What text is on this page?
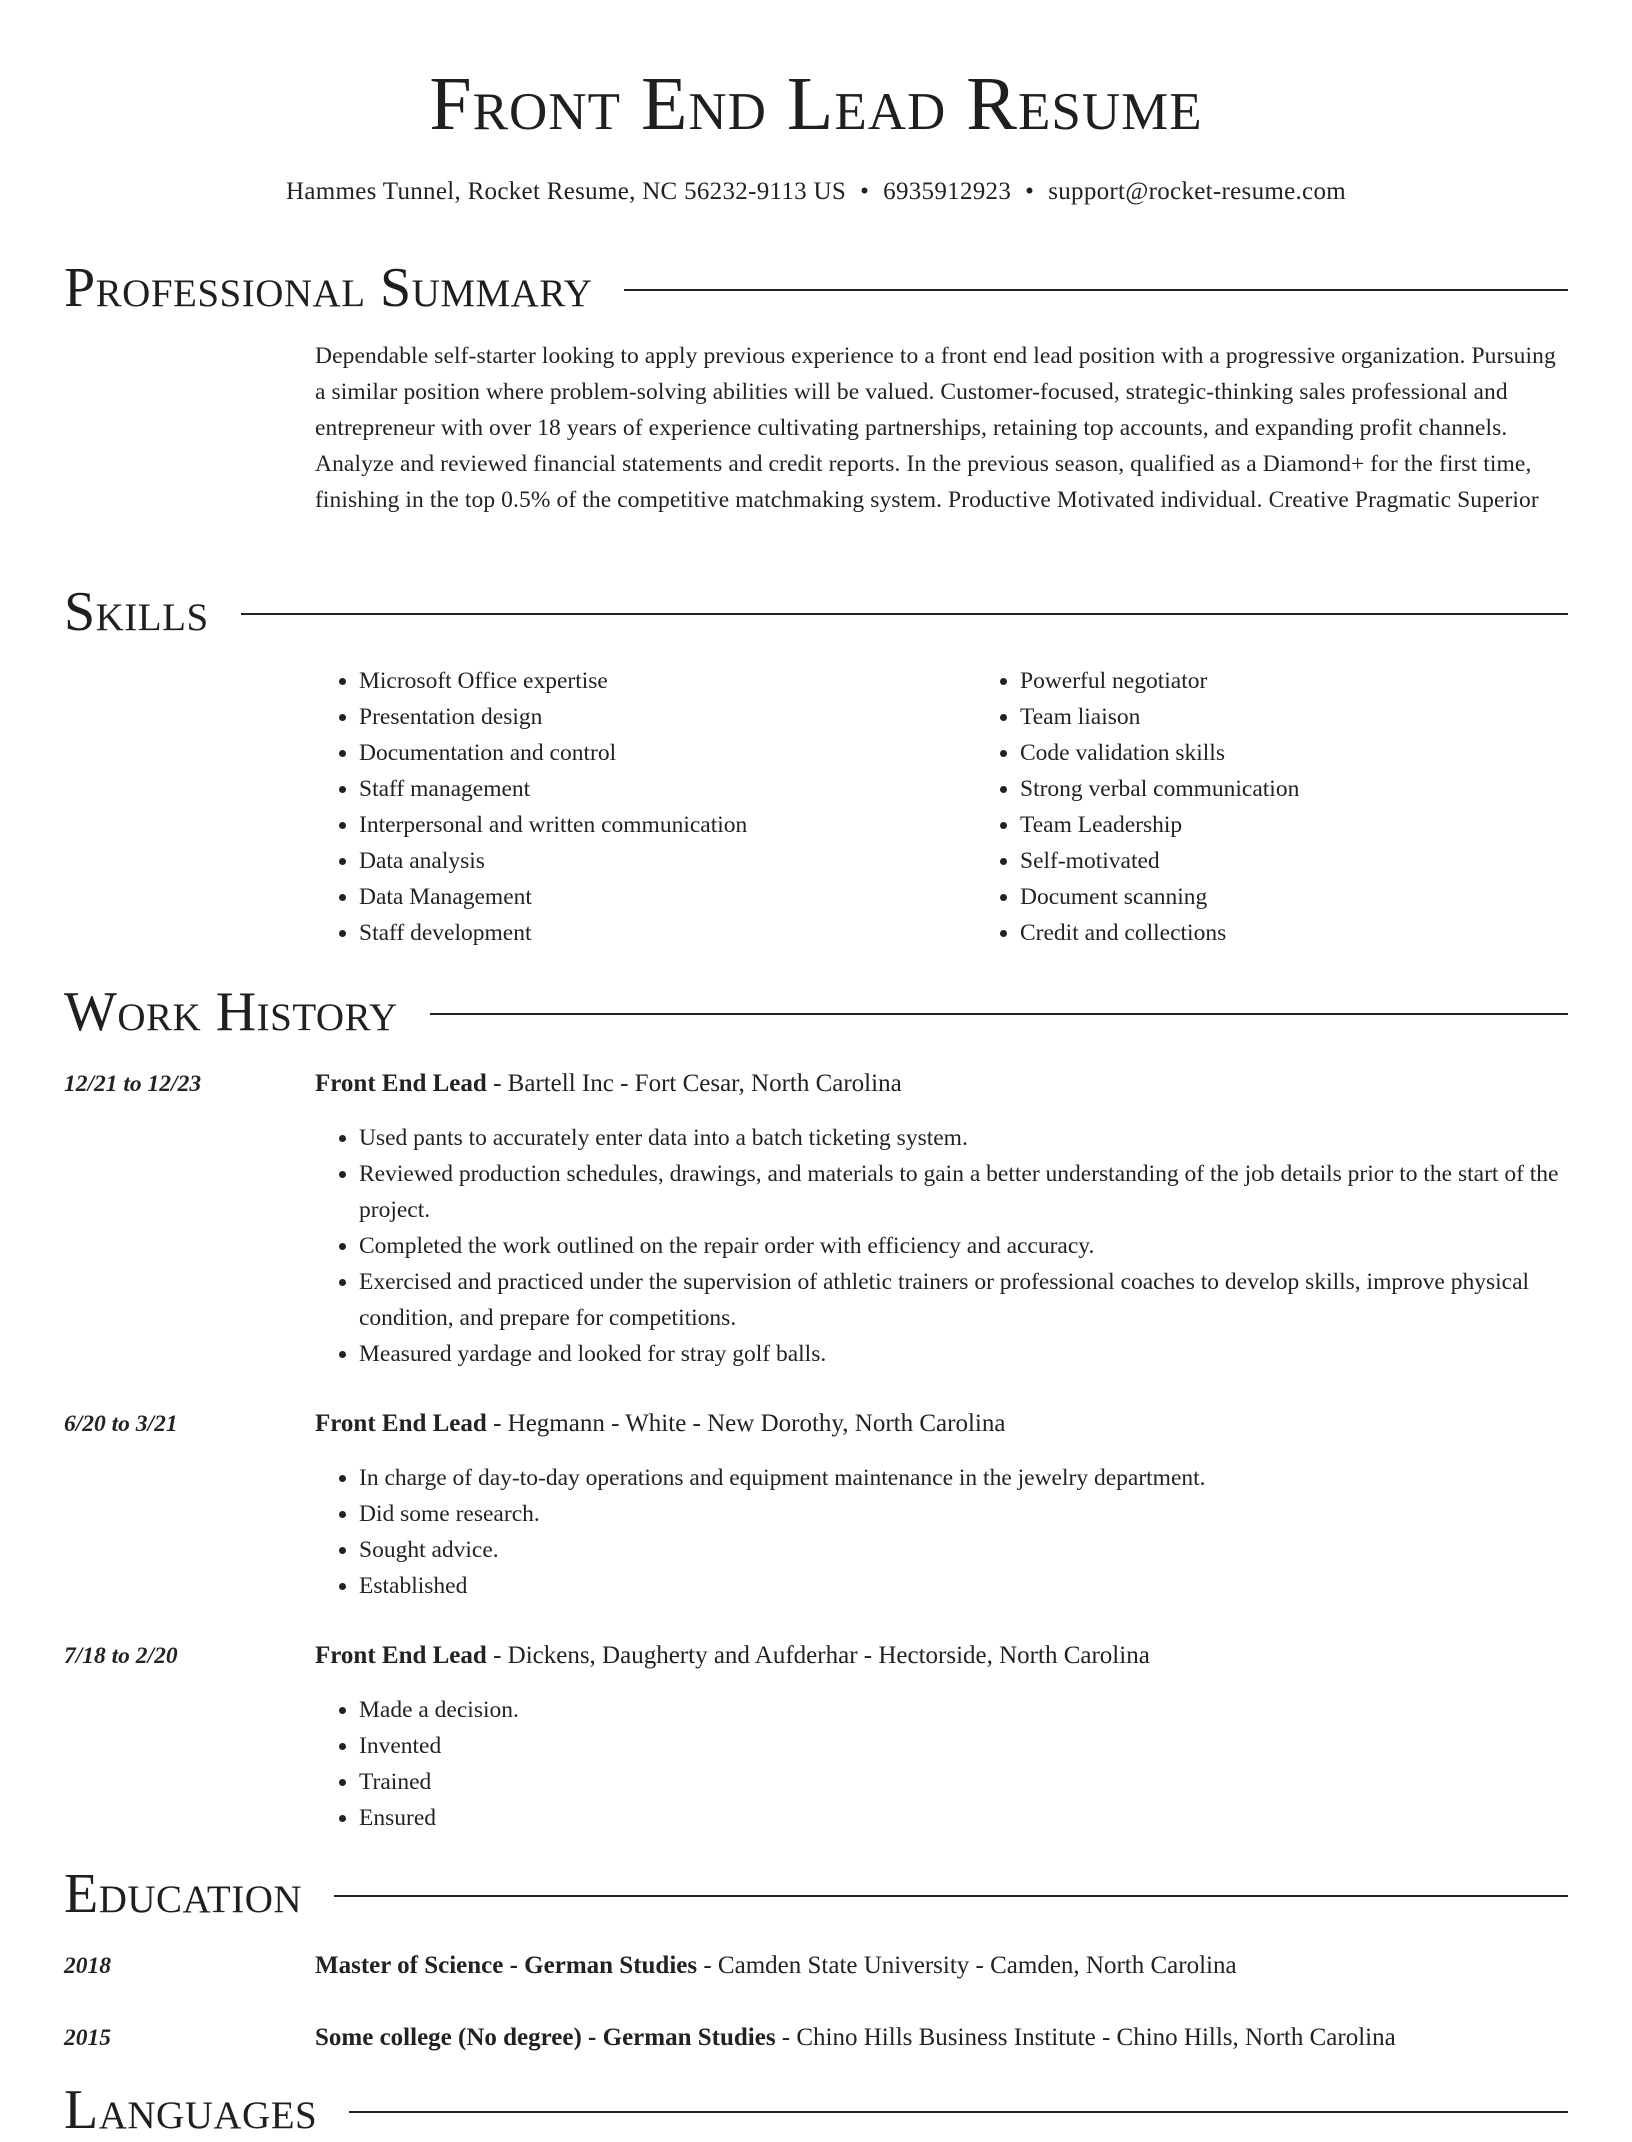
Front End Lead Resume
Hammes Tunnel, Rocket Resume, NC 56232-9113 US • 6935912923 • support@rocket-resume.com
Professional Summary
Dependable self-starter looking to apply previous experience to a front end lead position with a progressive organization. Pursuing a similar position where problem-solving abilities will be valued. Customer-focused, strategic-thinking sales professional and entrepreneur with over 18 years of experience cultivating partnerships, retaining top accounts, and expanding profit channels. Analyze and reviewed financial statements and credit reports. In the previous season, qualified as a Diamond+ for the first time, finishing in the top 0.5% of the competitive matchmaking system. Productive Motivated individual. Creative Pragmatic Superior
Skills
• Microsoft Office expertise
• Presentation design
• Documentation and control
• Staff management
• Interpersonal and written communication
• Data analysis
• Data Management
• Staff development
• Powerful negotiator
• Team liaison
• Code validation skills
• Strong verbal communication
• Team Leadership
• Self-motivated
• Document scanning
• Credit and collections
Work History
12/21 to 12/23	Front End Lead - Bartell Inc - Fort Cesar, North Carolina
• Used pants to accurately enter data into a batch ticketing system.
• Reviewed production schedules, drawings, and materials to gain a better understanding of the job details prior to the start of the project.
• Completed the work outlined on the repair order with efficiency and accuracy.
• Exercised and practiced under the supervision of athletic trainers or professional coaches to develop skills, improve physical condition, and prepare for competitions.
• Measured yardage and looked for stray golf balls.
6/20 to 3/21	Front End Lead - Hegmann - White - New Dorothy, North Carolina
• In charge of day-to-day operations and equipment maintenance in the jewelry department.
• Did some research.
• Sought advice.
• Established
7/18 to 2/20	Front End Lead - Dickens, Daugherty and Aufderhar - Hectorside, North Carolina
• Made a decision.
• Invented
• Trained
• Ensured
Education
2018	Master of Science - German Studies - Camden State University - Camden, North Carolina
2015	Some college (No degree) - German Studies - Chino Hills Business Institute - Chino Hills, North Carolina
Languages
